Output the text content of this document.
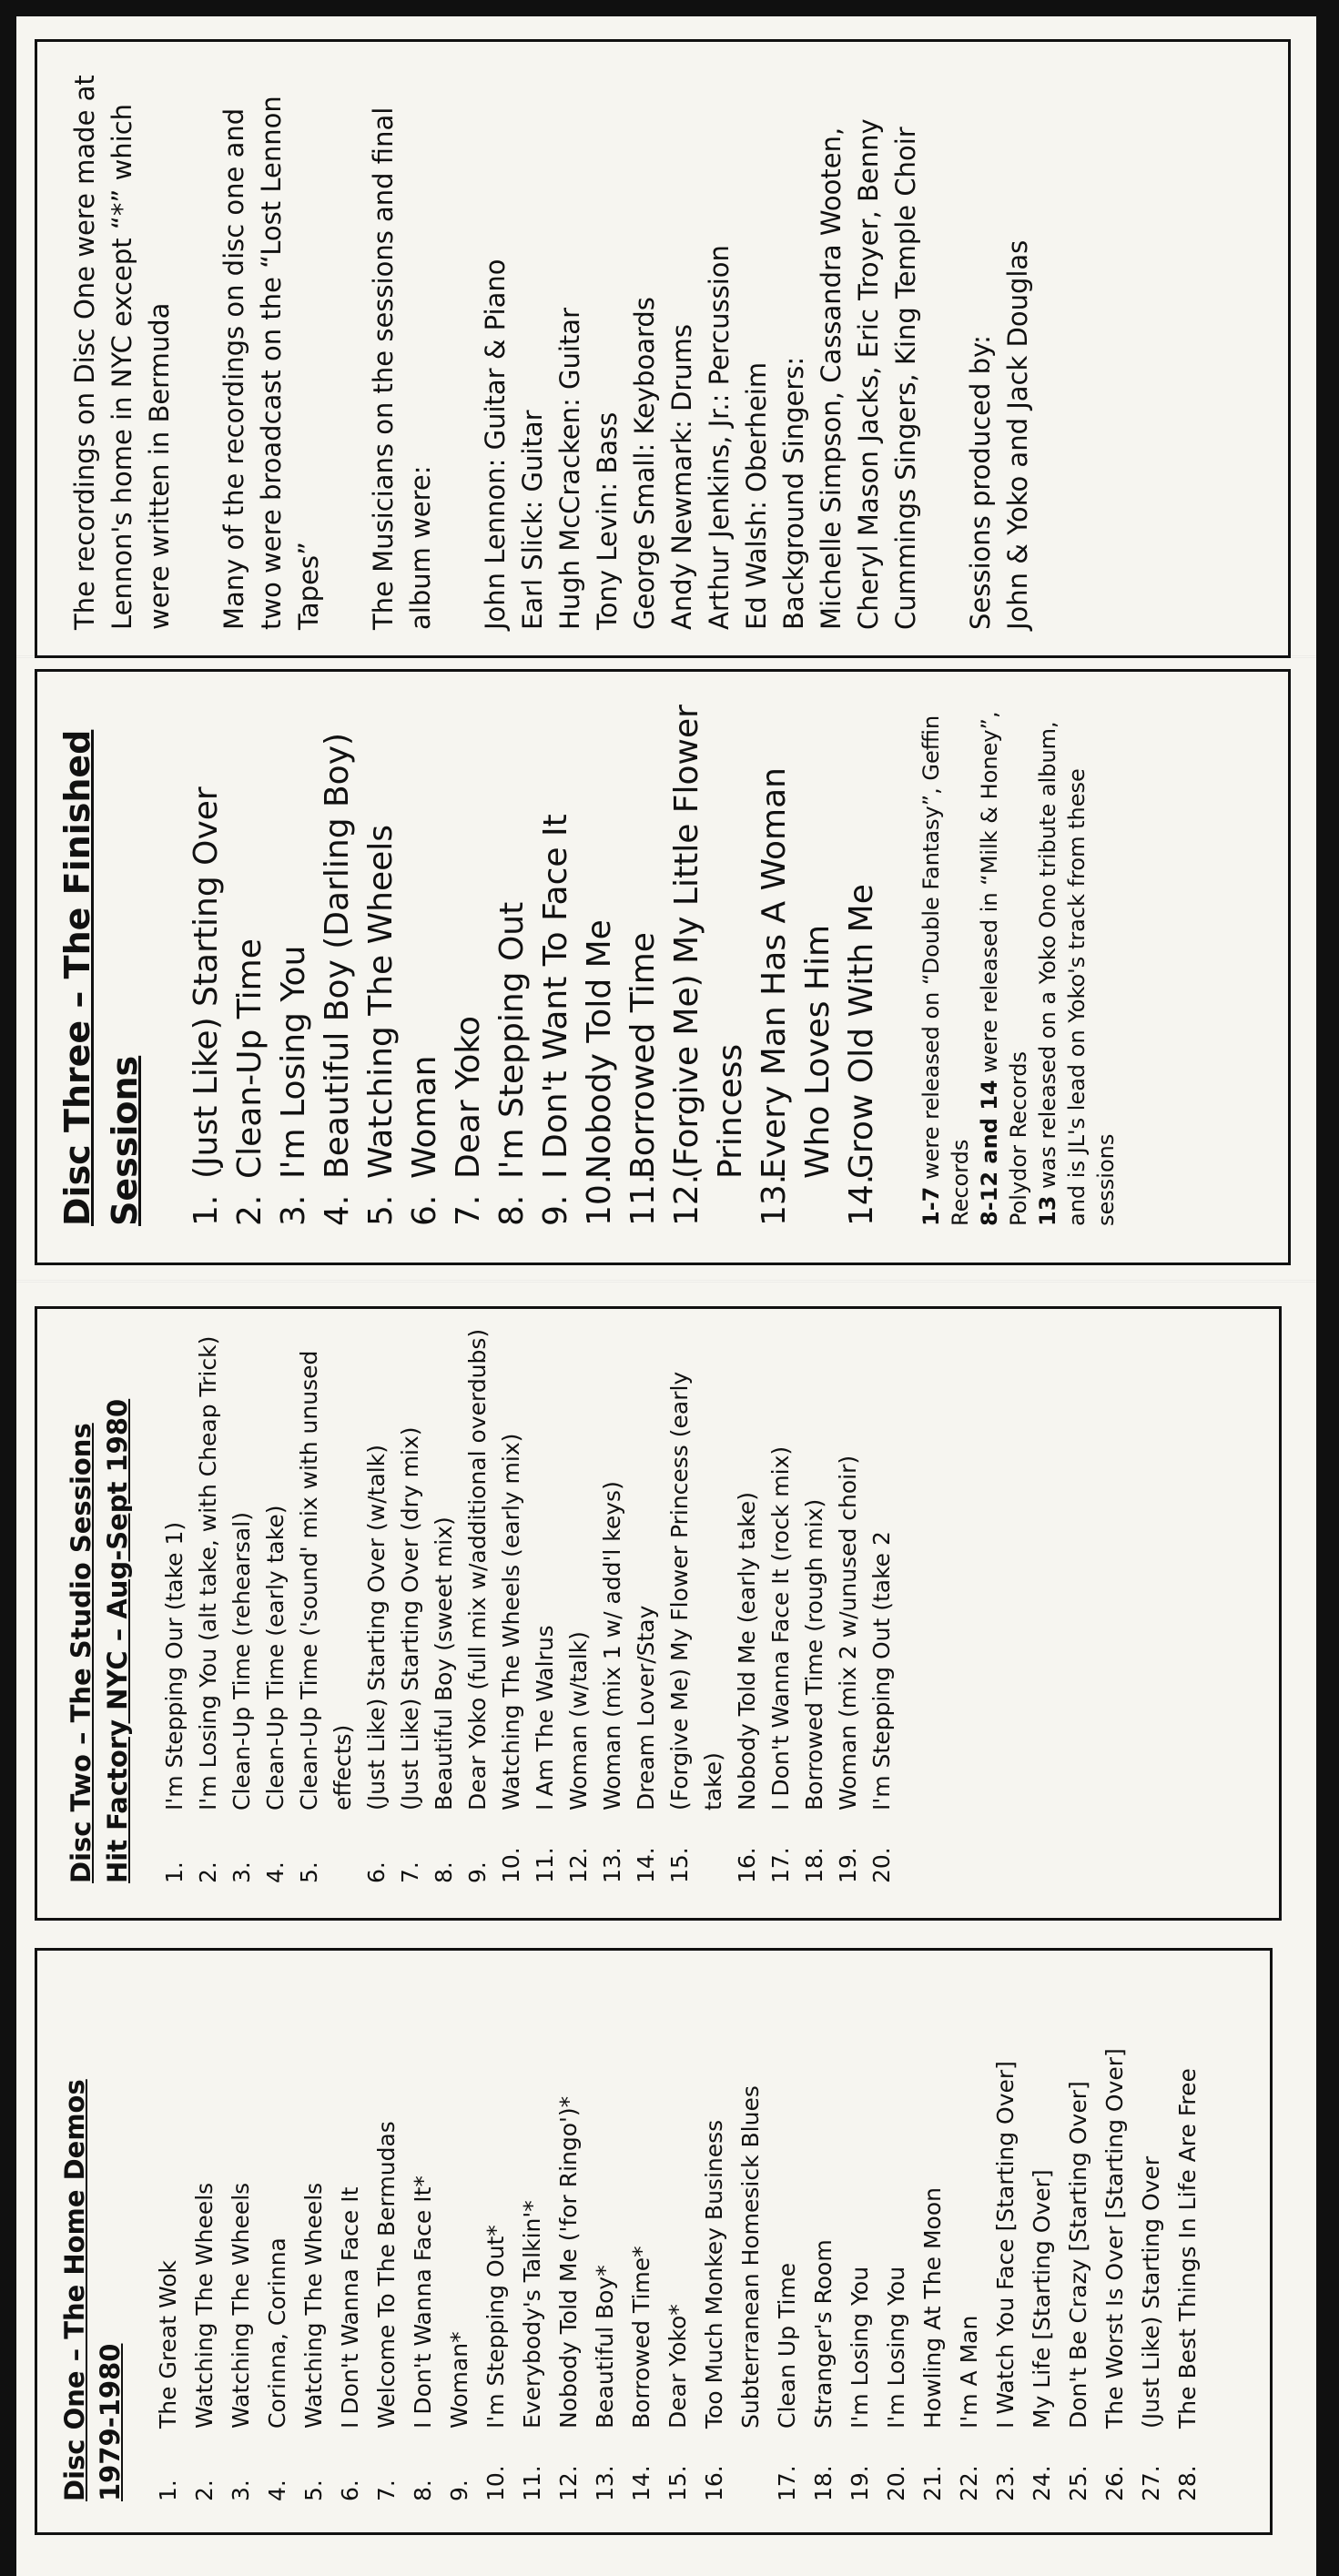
The recordings on Disc One were made at Lennon's home in NYC except “*” which were written in Bermuda Many of the recordings on disc one and two were broadcast on the “Lost Lennon Tapes” The Musicians on the sessions and final album were: John Lennon: Guitar & Piano Earl Slick: Guitar Hugh McCracken: Guitar Tony Levin: Bass George Small: Keyboards Andy Newmark: Drums Arthur Jenkins, Jr.: Percussion Ed Walsh: Oberheim Background Singers: Michelle Simpson, Cassandra Wooten, Cheryl Mason Jacks, Eric Troyer, Benny Cummings Singers, King Temple Choir Sessions produced by: John & Yoko and Jack Douglas

Disc Three – The Finished Sessions 1.
(Just Like) Starting Over
2.
Clean-Up Time
3.
I'm Losing You
4.
Beautiful Boy (Darling Boy)
5.
Watching The Wheels
6.
Woman
7.
Dear Yoko
8.
I'm Stepping Out
9.
I Don't Want To Face It
10.
Nobody Told Me
11.
Borrowed Time
12.
(Forgive Me) My Little Flower Princess
13.
Every Man Has A Woman Who Loves Him
14.
Grow Old With Me

1-7 were released on “Double Fantasy”, Geffin Records 8-12 and 14 were released in “Milk & Honey”, Polydor Records 13 was released on a Yoko Ono tribute album, and is JL's lead on Yoko's track from these sessions

Disc Two – The Studio Sessions Hit Factory NYC – Aug-Sept 1980 1.
I'm Stepping Our (take 1)
2.
I'm Losing You (alt take, with Cheap Trick)
3.
Clean-Up Time (rehearsal)
4.
Clean-Up Time (early take)
5.
Clean-Up Time ('sound' mix with unused effects)
6.
(Just Like) Starting Over (w/talk)
7.
(Just Like) Starting Over (dry mix)
8.
Beautiful Boy (sweet mix)
9.
Dear Yoko (full mix w/additional overdubs)
10.
Watching The Wheels (early mix)
11.
I Am The Walrus
12.
Woman (w/talk)
13.
Woman (mix 1 w/ add'l keys)
14.
Dream Lover/Stay
15.
(Forgive Me) My Flower Princess (early take)
16.
Nobody Told Me (early take)
17.
I Don't Wanna Face It (rock mix)
18.
Borrowed Time (rough mix)
19.
Woman (mix 2 w/unused choir)
20.
I'm Stepping Out (take 2
Disc One – The Home Demos 1979-1980 1.
The Great Wok
2.
Watching The Wheels
3.
Watching The Wheels
4.
Corinna, Corinna
5.
Watching The Wheels
6.
I Don't Wanna Face It
7.
Welcome To The Bermudas
8.
I Don't Wanna Face It*
9.
Woman*
10.
I'm Stepping Out*
11.
Everybody's Talkin'*
12.
Nobody Told Me ('for Ringo')*
13.
Beautiful Boy*
14.
Borrowed Time*
15.
Dear Yoko*
16.
Too Much Monkey Business Subterranean Homesick Blues
17.
Clean Up Time
18.
Stranger's Room
19.
I'm Losing You
20.
I'm Losing You
21.
Howling At The Moon
22.
I'm A Man
23.
I Watch You Face [Starting Over]
24.
My Life [Starting Over]
25.
Don't Be Crazy [Starting Over]
26.
The Worst Is Over [Starting Over]
27.
(Just Like) Starting Over
28.
The Best Things In Life Are Free
